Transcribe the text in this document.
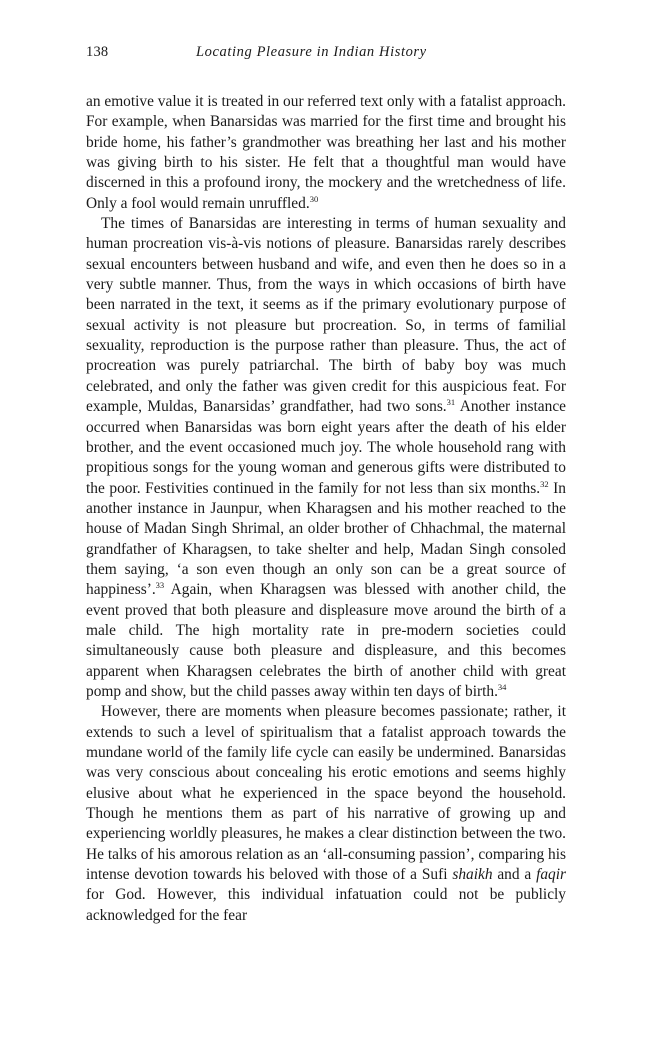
138	Locating Pleasure in Indian History

an emotive value it is treated in our referred text only with a fatalist approach. For example, when Banarsidas was married for the first time and brought his bride home, his father’s grandmother was breathing her last and his mother was giving birth to his sister. He felt that a thoughtful man would have discerned in this a profound irony, the mockery and the wretchedness of life. Only a fool would remain unruffled.$^{30}$

The times of Banarsidas are interesting in terms of human sexuality and human procreation vis-à-vis notions of pleasure. Banarsidas rarely describes sexual encounters between husband and wife, and even then he does so in a very subtle manner. Thus, from the ways in which occasions of birth have been narrated in the text, it seems as if the primary evolutionary purpose of sexual activity is not pleasure but procreation. So, in terms of familial sexuality, reproduction is the purpose rather than pleasure. Thus, the act of procreation was purely patriarchal. The birth of baby boy was much celebrated, and only the father was given credit for this auspicious feat. For example, Muldas, Banarsidas’ grandfather, had two sons.$^{31}$ Another instance occurred when Banarsidas was born eight years after the death of his elder brother, and the event occasioned much joy. The whole household rang with propitious songs for the young woman and generous gifts were distributed to the poor. Festivities continued in the family for not less than six months.$^{32}$ In another instance in Jaunpur, when Kharagsen and his mother reached to the house of Madan Singh Shrimal, an older brother of Chhachmal, the maternal grandfather of Kharagsen, to take shelter and help, Madan Singh consoled them saying, ‘a son even though an only son can be a great source of happiness’.$^{33}$ Again, when Kharagsen was blessed with another child, the event proved that both pleasure and displeasure move around the birth of a male child. The high mortality rate in pre-modern societies could simultaneously cause both pleasure and displeasure, and this becomes apparent when Kharagsen celebrates the birth of another child with great pomp and show, but the child passes away within ten days of birth.$^{34}$

However, there are moments when pleasure becomes passionate; rather, it extends to such a level of spiritualism that a fatalist approach towards the mundane world of the family life cycle can easily be undermined. Banarsidas was very conscious about concealing his erotic emotions and seems highly elusive about what he experienced in the space beyond the household. Though he mentions them as part of his narrative of growing up and experiencing worldly pleasures, he makes a clear distinction between the two. He talks of his amorous relation as an ‘all-consuming passion’, comparing his intense devotion towards his beloved with those of a Sufi shaikh and a faqir for God. However, this individual infatuation could not be publicly acknowledged for the fear
